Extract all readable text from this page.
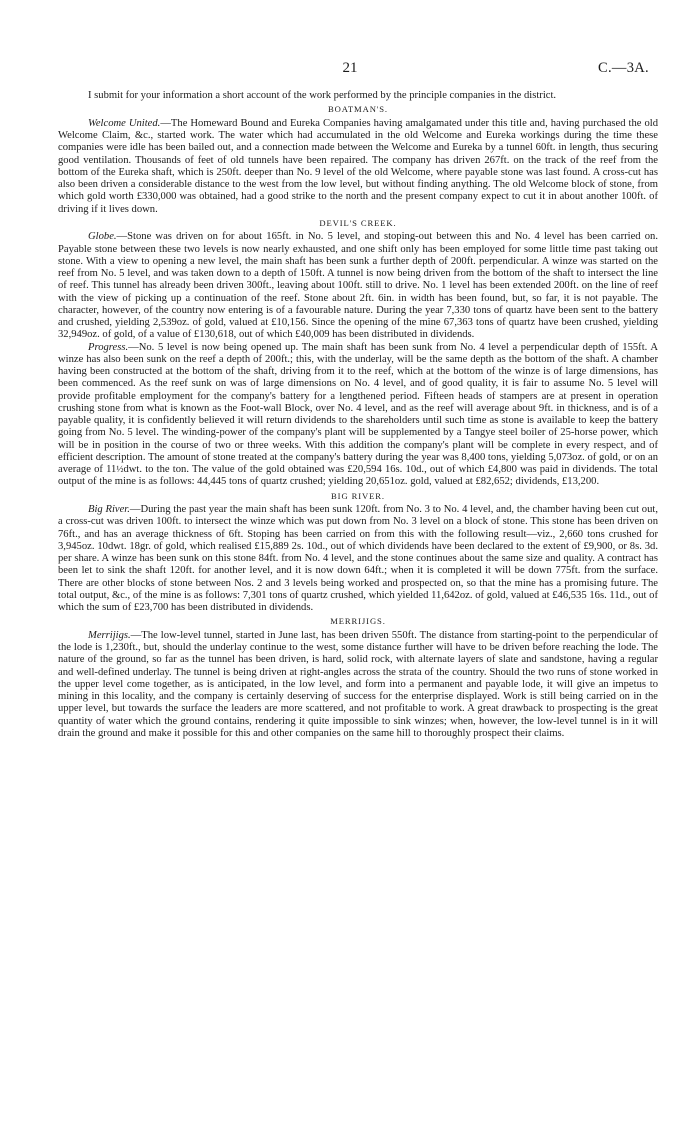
21	C.—3A.

I submit for your information a short account of the work performed by the principle companies in the district.

BOATMAN'S.

Welcome United.—The Homeward Bound and Eureka Companies having amalgamated under this title and, having purchased the old Welcome Claim, &c., started work. The water which had accumulated in the old Welcome and Eureka workings during the time these companies were idle has been bailed out, and a connection made between the Welcome and Eureka by a tunnel 60ft. in length, thus securing good ventilation. Thousands of feet of old tunnels have been repaired. The company has driven 267ft. on the track of the reef from the bottom of the Eureka shaft, which is 250ft. deeper than No. 9 level of the old Welcome, where payable stone was last found. A cross-cut has also been driven a considerable distance to the west from the low level, but without finding anything. The old Welcome block of stone, from which gold worth £330,000 was obtained, had a good strike to the north and the present company expect to cut it in about another 100ft. of driving if it lives down.

DEVIL'S CREEK.

Globe.—Stone was driven on for about 165ft. in No. 5 level, and stoping-out between this and No. 4 level has been carried on. Payable stone between these two levels is now nearly exhausted, and one shift only has been employed for some little time past taking out stone. With a view to opening a new level, the main shaft has been sunk a further depth of 200ft. perpendicular. A winze was started on the reef from No. 5 level, and was taken down to a depth of 150ft. A tunnel is now being driven from the bottom of the shaft to intersect the line of reef. This tunnel has already been driven 300ft., leaving about 100ft. still to drive. No. 1 level has been extended 200ft. on the line of reef with the view of picking up a continuation of the reef. Stone about 2ft. 6in. in width has been found, but, so far, it is not payable. The character, however, of the country now entering is of a favourable nature. During the year 7,330 tons of quartz have been sent to the battery and crushed, yielding 2,539oz. of gold, valued at £10,156. Since the opening of the mine 67,363 tons of quartz have been crushed, yielding 32,949oz. of gold, of a value of £130,618, out of which £40,009 has been distributed in dividends.

Progress.—No. 5 level is now being opened up. The main shaft has been sunk from No. 4 level a perpendicular depth of 155ft. A winze has also been sunk on the reef a depth of 200ft.; this, with the underlay, will be the same depth as the bottom of the shaft. A chamber having been constructed at the bottom of the shaft, driving from it to the reef, which at the bottom of the winze is of large dimensions, has been commenced. As the reef sunk on was of large dimensions on No. 4 level, and of good quality, it is fair to assume No. 5 level will provide profitable employment for the company's battery for a lengthened period. Fifteen heads of stampers are at present in operation crushing stone from what is known as the Foot-wall Block, over No. 4 level, and as the reef will average about 9ft. in thickness, and is of a payable quality, it is confidently believed it will return dividends to the shareholders until such time as stone is available to keep the battery going from No. 5 level. The winding-power of the company's plant will be supplemented by a Tangye steel boiler of 25-horse power, which will be in position in the course of two or three weeks. With this addition the company's plant will be complete in every respect, and of efficient description. The amount of stone treated at the company's battery during the year was 8,400 tons, yielding 5,073oz. of gold, or on an average of 11½dwt. to the ton. The value of the gold obtained was £20,594 16s. 10d., out of which £4,800 was paid in dividends. The total output of the mine is as follows: 44,445 tons of quartz crushed; yielding 20,651oz. gold, valued at £82,652; dividends, £13,200.

BIG RIVER.

Big River.—During the past year the main shaft has been sunk 120ft. from No. 3 to No. 4 level, and, the chamber having been cut out, a cross-cut was driven 100ft. to intersect the winze which was put down from No. 3 level on a block of stone. This stone has been driven on 76ft., and has an average thickness of 6ft. Stoping has been carried on from this with the following result—viz., 2,660 tons crushed for 3,945oz. 10dwt. 18gr. of gold, which realised £15,889 2s. 10d., out of which dividends have been declared to the extent of £9,900, or 8s. 3d. per share. A winze has been sunk on this stone 84ft. from No. 4 level, and the stone continues about the same size and quality. A contract has been let to sink the shaft 120ft. for another level, and it is now down 64ft.; when it is completed it will be down 775ft. from the surface. There are other blocks of stone between Nos. 2 and 3 levels being worked and prospected on, so that the mine has a promising future. The total output, &c., of the mine is as follows: 7,301 tons of quartz crushed, which yielded 11,642oz. of gold, valued at £46,535 16s. 11d., out of which the sum of £23,700 has been distributed in dividends.

MERRIJIGS.

Merrijigs.—The low-level tunnel, started in June last, has been driven 550ft. The distance from starting-point to the perpendicular of the lode is 1,230ft., but, should the underlay continue to the west, some distance further will have to be driven before reaching the lode. The nature of the ground, so far as the tunnel has been driven, is hard, solid rock, with alternate layers of slate and sandstone, having a regular and well-defined underlay. The tunnel is being driven at right-angles across the strata of the country. Should the two runs of stone worked in the upper level come together, as is anticipated, in the low level, and form into a permanent and payable lode, it will give an impetus to mining in this locality, and the company is certainly deserving of success for the enterprise displayed. Work is still being carried on in the upper level, but towards the surface the leaders are more scattered, and not profitable to work. A great drawback to prospecting is the great quantity of water which the ground contains, rendering it quite impossible to sink winzes; when, however, the low-level tunnel is in it will drain the ground and make it possible for this and other companies on the same hill to thoroughly prospect their claims.
